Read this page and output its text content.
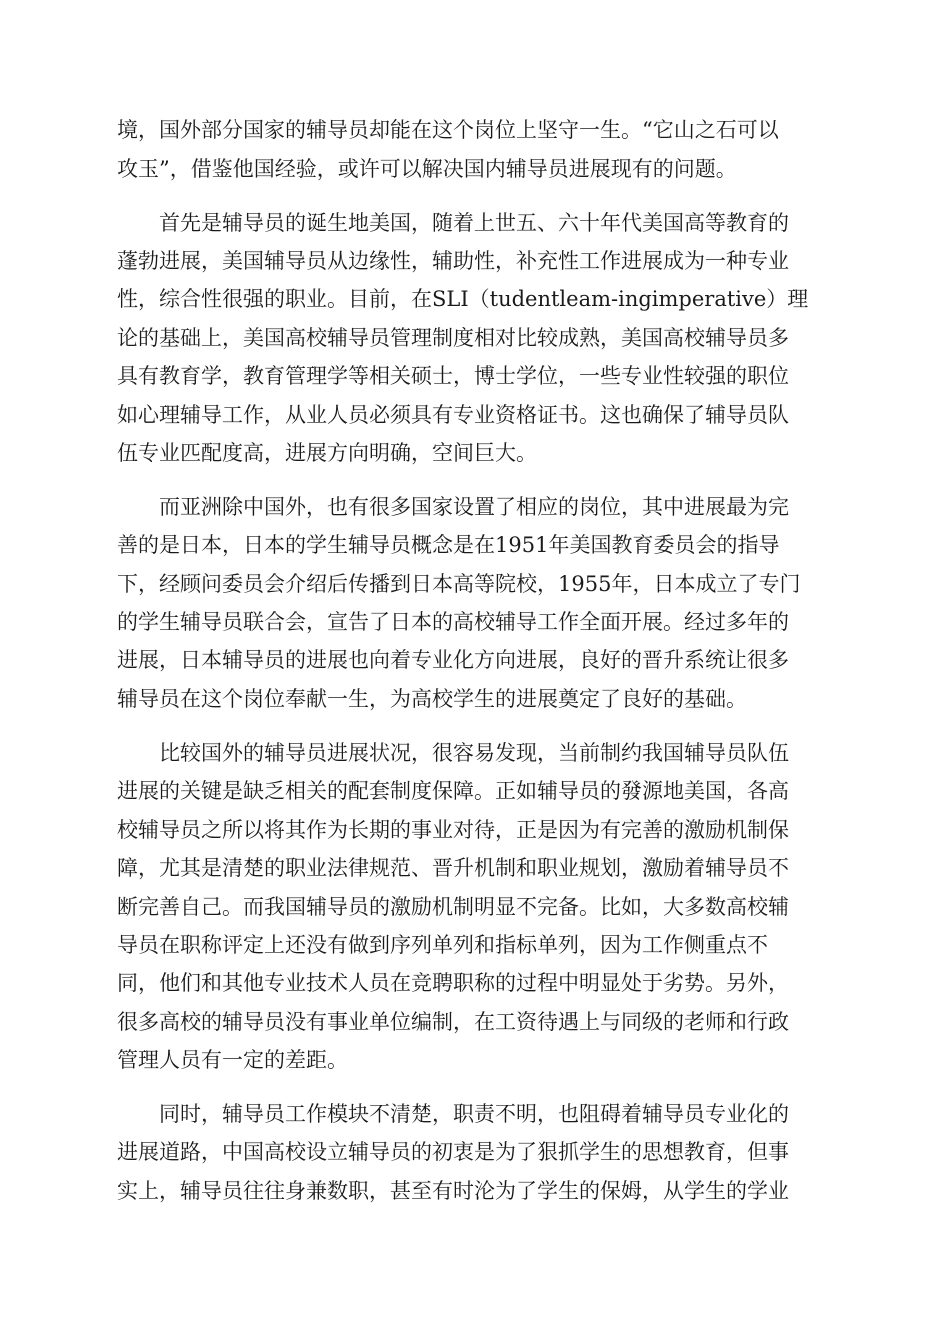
境，国外部分国家的辅导员却能在这个岗位上坚守一生。“它山之石可以
攻玉”，借鉴他国经验，或许可以解决国内辅导员进展现有的问题。
首先是辅导员的诞生地美国，随着上世五、六十年代美国高等教育的
蓬勃进展，美国辅导员从边缘性，辅助性，补充性工作进展成为一种专业
性，综合性很强的职业。目前，在SLI（tudentleam-ingimperative）理
论的基础上，美国高校辅导员管理制度相对比较成熟，美国高校辅导员多
具有教育学，教育管理学等相关硕士，博士学位，一些专业性较强的职位
如心理辅导工作，从业人员必须具有专业资格证书。这也确保了辅导员队
伍专业匹配度高，进展方向明确，空间巨大。
而亚洲除中国外，也有很多国家设置了相应的岗位，其中进展最为完
善的是日本，日本的学生辅导员概念是在1951年美国教育委员会的指导
下，经顾问委员会介绍后传播到日本高等院校，1955年，日本成立了专门
的学生辅导员联合会，宣告了日本的高校辅导工作全面开展。经过多年的
进展，日本辅导员的进展也向着专业化方向进展，良好的晋升系统让很多
辅导员在这个岗位奉献一生，为高校学生的进展奠定了良好的基础。
比较国外的辅导员进展状况，很容易发现，当前制约我国辅导员队伍
进展的关键是缺乏相关的配套制度保障。正如辅导员的發源地美国，各高
校辅导员之所以将其作为长期的事业对待，正是因为有完善的激励机制保
障，尤其是清楚的职业法律规范、晋升机制和职业规划，激励着辅导员不
断完善自己。而我国辅导员的激励机制明显不完备。比如，大多数高校辅
导员在职称评定上还没有做到序列单列和指标单列，因为工作侧重点不
同，他们和其他专业技术人员在竞聘职称的过程中明显处于劣势。另外，
很多高校的辅导员没有事业单位编制，在工资待遇上与同级的老师和行政
管理人员有一定的差距。
同时，辅导员工作模块不清楚，职责不明，也阻碍着辅导员专业化的
进展道路，中国高校设立辅导员的初衷是为了狠抓学生的思想教育，但事
实上，辅导员往往身兼数职，甚至有时沦为了学生的保姆，从学生的学业
